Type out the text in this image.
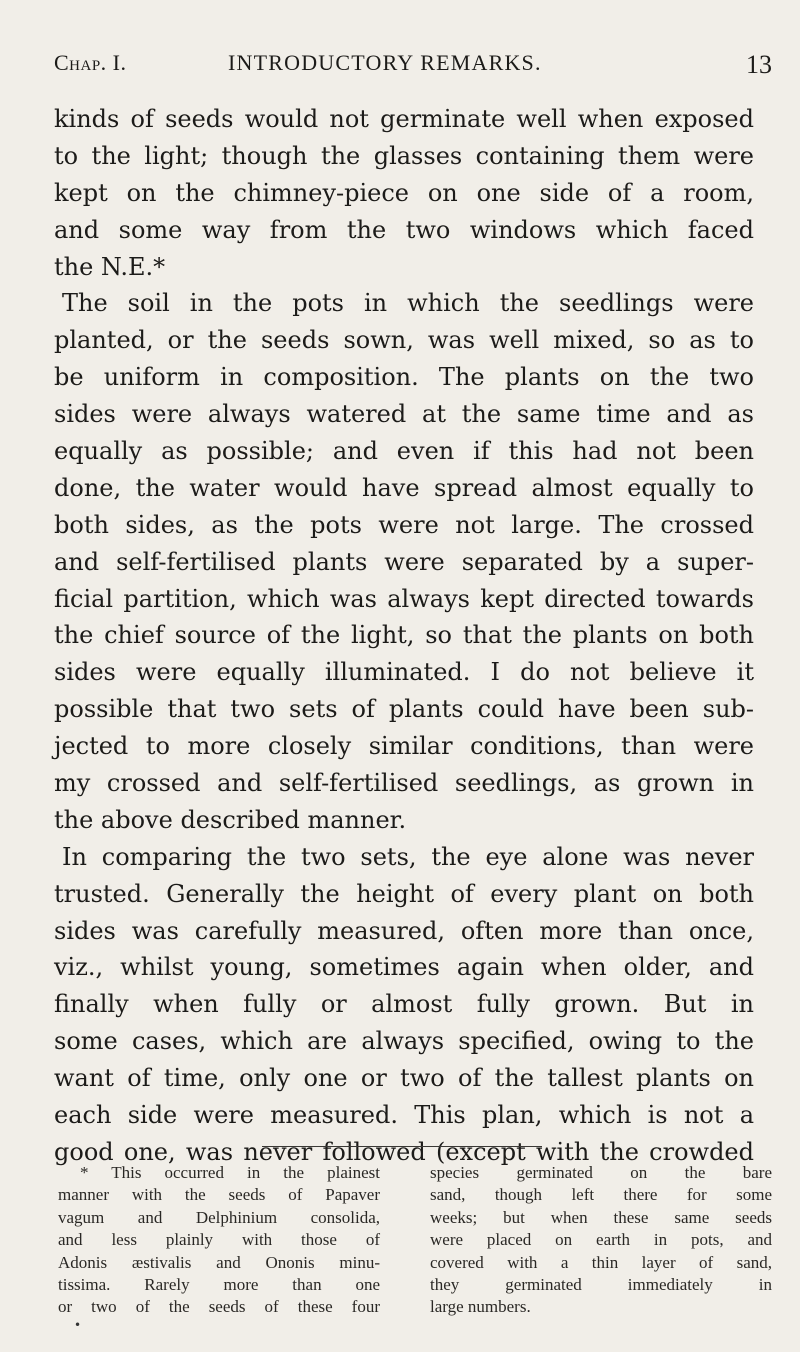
Chap. I.	INTRODUCTORY REMARKS.	13
kinds of seeds would not germinate well when exposed
to the light; though the glasses containing them were
kept on the chimney-piece on one side of a room,
and some way from the two windows which faced
the N.E.*
The soil in the pots in which the seedlings were
planted, or the seeds sown, was well mixed, so as to
be uniform in composition. The plants on the two
sides were always watered at the same time and as
equally as possible; and even if this had not been
done, the water would have spread almost equally to
both sides, as the pots were not large. The crossed
and self-fertilised plants were separated by a super-
ficial partition, which was always kept directed towards
the chief source of the light, so that the plants on both
sides were equally illuminated. I do not believe it
possible that two sets of plants could have been sub-
jected to more closely similar conditions, than were
my crossed and self-fertilised seedlings, as grown in
the above described manner.
In comparing the two sets, the eye alone was never
trusted. Generally the height of every plant on both
sides was carefully measured, often more than once,
viz., whilst young, sometimes again when older, and
finally when fully or almost fully grown. But in
some cases, which are always specified, owing to the
want of time, only one or two of the tallest plants on
each side were measured. This plan, which is not a
good one, was never followed (except with the crowded
* This occurred in the plainest
manner with the seeds of Papaver
vagum and Delphinium consolida,
and less plainly with those of
Adonis æstivalis and Ononis minu-
tissima. Rarely more than one
or two of the seeds of these four
species germinated on the bare
sand, though left there for some
weeks; but when these same seeds
were placed on earth in pots, and
covered with a thin layer of sand,
they germinated immediately in
large numbers.
•
